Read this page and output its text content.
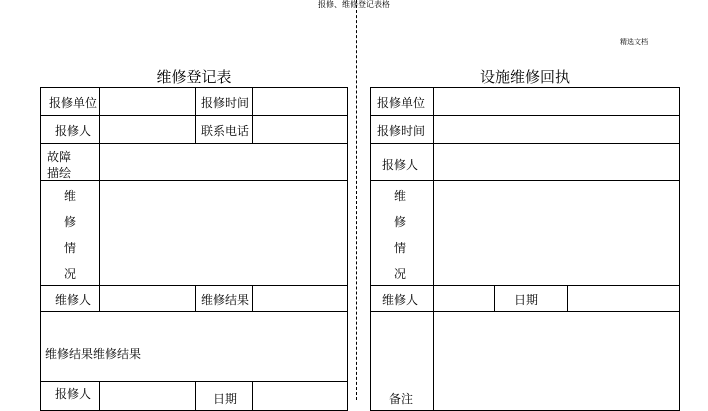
报修、维修登记表格
精选文档
维修登记表
报修单位	报修时间
报修人	联系电话
故障
描绘
维
修
情
况
维修人	维修结果
维修结果维修结果
报修人	日期
设施维修回执
报修单位
报修时间
报修人
维
修
情
况
维修人	日期
备注
